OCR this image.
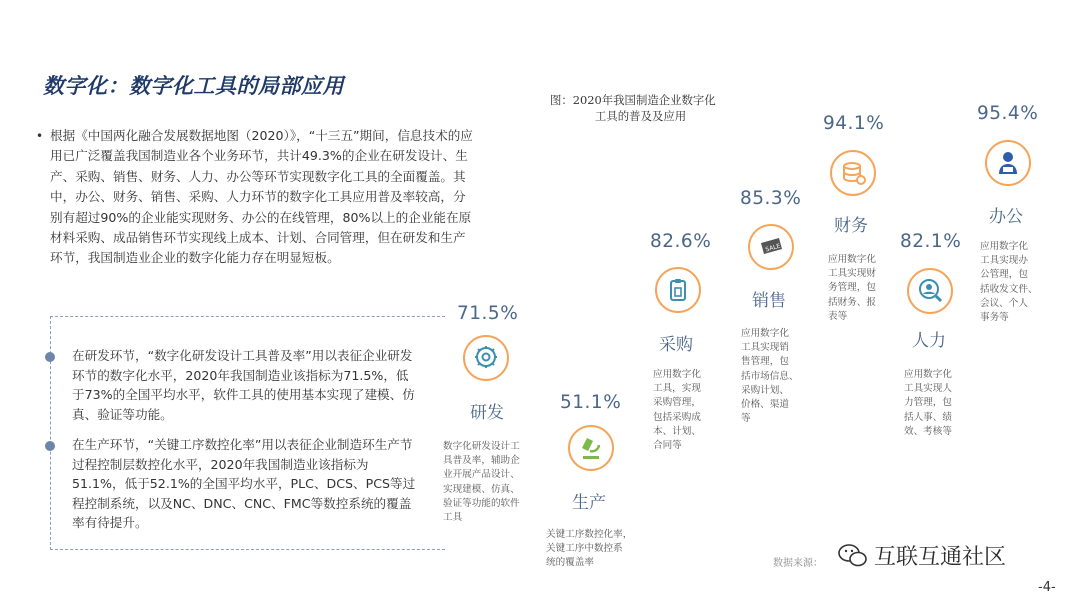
数字化：数字化工具的局部应用
• 根据《中国两化融合发展数据地图（2020）》，“十三五”期间，信息技术的应用已广泛覆盖我国制造业各个业务环节，共计49.3%的企业在研发设计、生产、采购、销售、财务、人力、办公等环节实现数字化工具的全面覆盖。其中，办公、财务、销售、采购、人力环节的数字化工具应用普及率较高，分别有超过90%的企业能实现财务、办公的在线管理，80%以上的企业能在原材料采购、成品销售环节实现线上成本、计划、合同管理，但在研发和生产环节，我国制造业企业的数字化能力存在明显短板。
在研发环节，“数字化研发设计工具普及率”用以表征企业研发环节的数字化水平，2020年我国制造业该指标为71.5%，低于73%的全国平均水平，软件工具的使用基本实现了建模、仿真、验证等功能。
在生产环节，“关键工序数控化率”用以表征企业制造环生产节过程控制层数控化水平，2020年我国制造业该指标为51.1%，低于52.1%的全国平均水平，PLC、DCS、PCS等过程控制系统，以及NC、DNC、CNC、FMC等数控系统的覆盖率有待提升。
图：2020年我国制造企业数字化
工具的普及及应用
71.5%
研发
数字化研发设计工
具普及率，辅助企
业开展产品设计、
实现建模、仿真、
验证等功能的软件
工具
51.1%
生产
关键工序数控化率，
关键工序中数控系
统的覆盖率
82.6%
采购
应用数字化
工具，实现
采购管理，
包括采购成
本、计划、
合同等
85.3%
SALE
销售
应用数字化
工具实现销
售管理，包
括市场信息、
采购计划、
价格、渠道
等
94.1%
财务
应用数字化
工具实现财
务管理，包
括财务、报
表等
82.1%
人力
应用数字化
工具实现人
力管理，包
括人事、绩
效、考核等
95.4%
办公
应用数字化
工具实现办
公管理，包
括收发文件、
会议、个人
事务等
数据来源： 互联互通社区
-4-
